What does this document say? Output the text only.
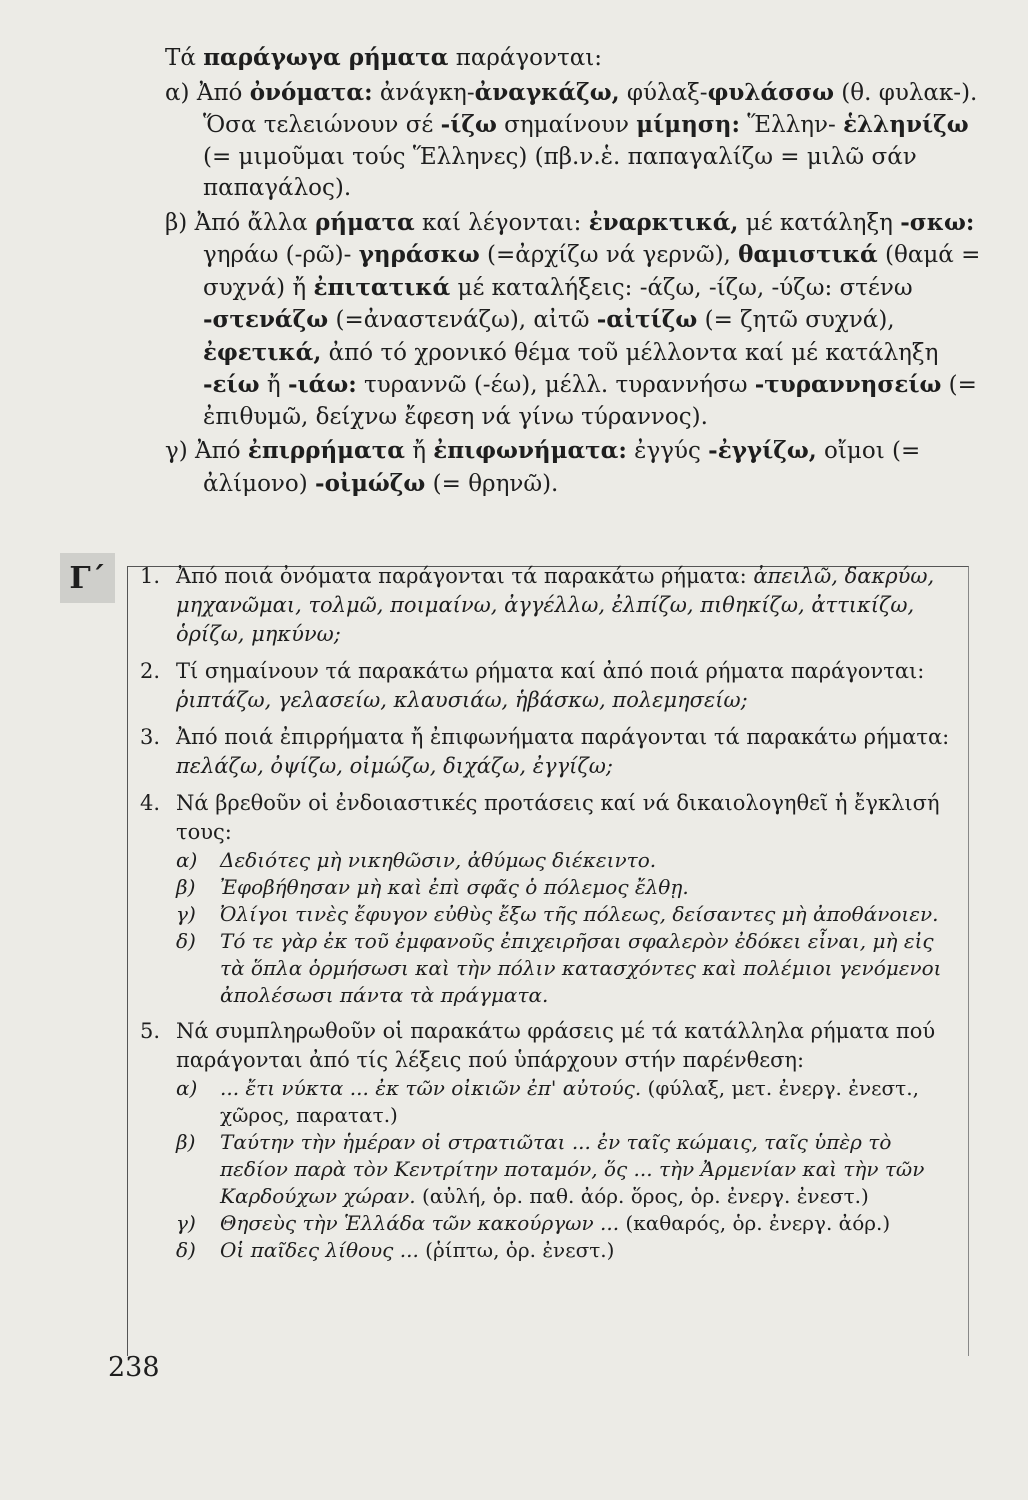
Τά παράγωγα ρήματα παράγονται:

α) Ἀπό ὀνόματα: ἀνάγκη-ἀναγκάζω, φύλαξ-φυλάσσω (θ. φυλακ-). Ὅσα τελειώνουν σέ -ίζω σημαίνουν μίμηση: Ἕλλην- ἑλληνίζω (= μιμοῦμαι τούς Ἕλληνες) (πβ.ν.ἑ. παπαγαλίζω = μιλῶ σάν παπαγάλος).

β) Ἀπό ἄλλα ρήματα καί λέγονται: ἐναρκτικά, μέ κατάληξη -σκω: γηράω (-ρῶ)- γηράσκω (=ἀρχίζω νά γερνῶ), θαμιστικά (θαμά = συχνά) ἤ ἐπιτατικά μέ καταλήξεις: -άζω, -ίζω, -ύζω: στένω -στενάζω (=ἀναστενάζω), αἰτῶ -αἰτίζω (= ζητῶ συχνά), ἐφετικά, ἀπό τό χρονικό θέμα τοῦ μέλλοντα καί μέ κατάληξη -είω ἤ -ιάω: τυραννῶ (-έω), μέλλ. τυραννήσω -τυραννησείω (= ἐπιθυμῶ, δείχνω ἔφεση νά γίνω τύραννος).

γ) Ἀπό ἐπιρρήματα ἤ ἐπιφωνήματα: ἐγγύς -ἐγγίζω, οἴμοι (= ἀλίμονο) -οἰμώζω (= θρηνῶ).

Γ΄	1. Ἀπό ποιά ὀνόματα παράγονται τά παρακάτω ρήματα: ἀπειλῶ, δακρύω, μηχανῶμαι, τολμῶ, ποιμαίνω, ἀγγέλλω, ἐλπίζω, πιθηκίζω, ἀττικίζω, ὁρίζω, μηκύνω;
2. Τί σημαίνουν τά παρακάτω ρήματα καί ἀπό ποιά ρήματα παράγονται: ῥιπτάζω, γελασείω, κλαυσιάω, ἡβάσκω, πολεμησείω;
3. Ἀπό ποιά ἐπιρρήματα ἤ ἐπιφωνήματα παράγονται τά παρακάτω ρήματα: πελάζω, ὀψίζω, οἰμώζω, διχάζω, ἐγγίζω;
4. Νά βρεθοῦν οἱ ἐνδοιαστικές προτάσεις καί νά δικαιολογηθεῖ ἡ ἔγκλισή τους:
α) Δεδιότες μὴ νικηθῶσιν, ἀθύμως διέκειντο.
β) Ἐφοβήθησαν μὴ καὶ ἐπὶ σφᾶς ὁ πόλεμος ἔλθῃ.
γ) Ὀλίγοι τινὲς ἔφυγον εὐθὺς ἔξω τῆς πόλεως, δείσαντες μὴ ἀποθάνοιεν.
δ) Τό τε γὰρ ἐκ τοῦ ἐμφανοῦς ἐπιχειρῆσαι σφαλερὸν ἐδόκει εἶναι, μὴ εἰς τὰ ὅπλα ὁρμήσωσι καὶ τὴν πόλιν κατασχόντες καὶ πολέμιοι γενόμενοι ἀπολέσωσι πάντα τὰ πράγματα.
5. Νά συμπληρωθοῦν οἱ παρακάτω φράσεις μέ τά κατάλληλα ρήματα πού παράγονται ἀπό τίς λέξεις πού ὑπάρχουν στήν παρένθεση:
α) ... ἔτι νύκτα ... ἐκ τῶν οἰκιῶν ἐπ' αὐτούς. (φύλαξ, μετ. ἐνεργ. ἐνεστ., χῶρος, παρατατ.)
β) Ταύτην τὴν ἡμέραν οἱ στρατιῶται ... ἐν ταῖς κώμαις, ταῖς ὑπὲρ τὸ πεδίον παρὰ τὸν Κεντρίτην ποταμόν, ὅς ... τὴν Ἀρμενίαν καὶ τὴν τῶν Καρδούχων χώραν. (αὐλή, ὁρ. παθ. ἀόρ. ὅρος, ὁρ. ἐνεργ. ἐνεστ.)
γ) Θησεὺς τὴν Ἑλλάδα τῶν κακούργων ... (καθαρός, ὁρ. ἐνεργ. ἀόρ.)
δ) Οἱ παῖδες λίθους ... (ῥίπτω, ὁρ. ἐνεστ.)
238
